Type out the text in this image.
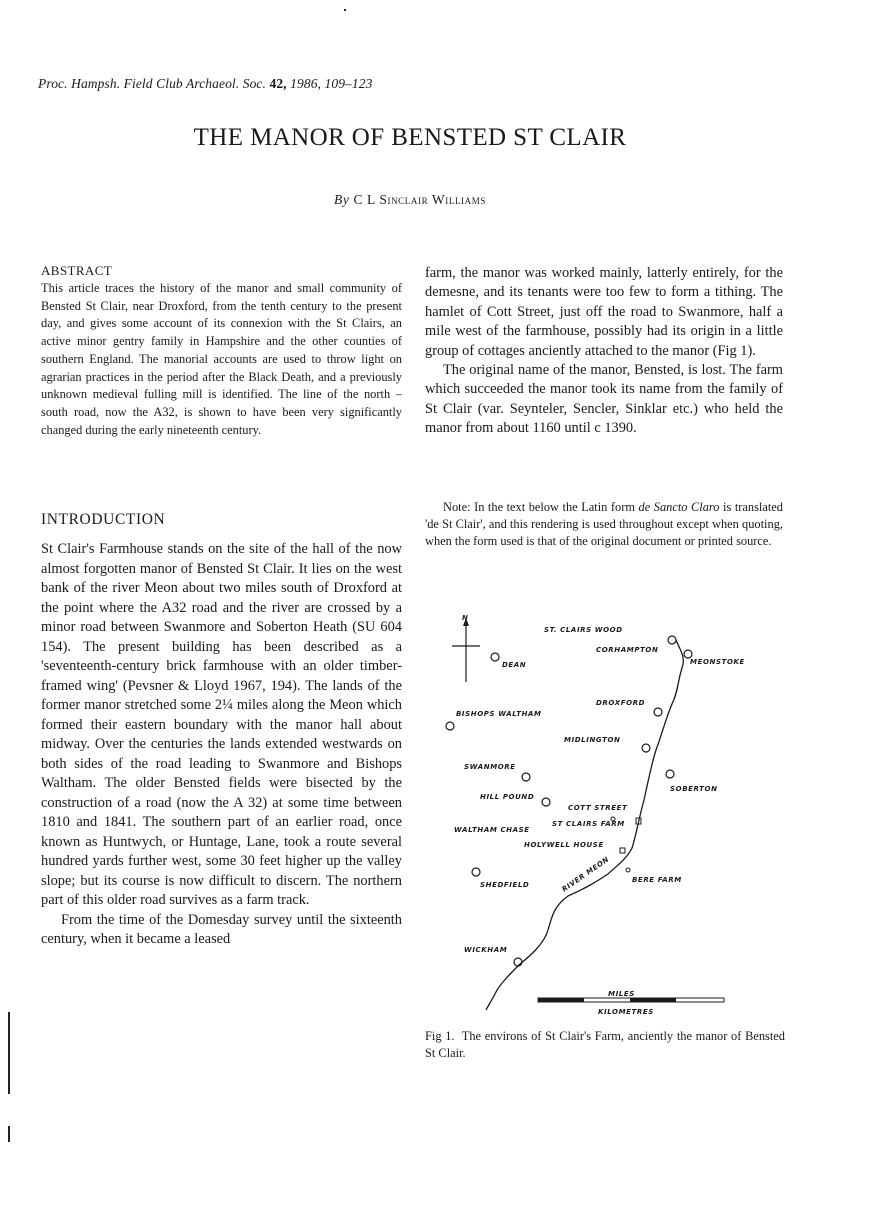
Proc. Hampsh. Field Club Archaeol. Soc. 42, 1986, 109–123
THE MANOR OF BENSTED ST CLAIR
By C L Sinclair Williams
ABSTRACT
This article traces the history of the manor and small community of Bensted St Clair, near Droxford, from the tenth century to the present day, and gives some account of its connexion with the St Clairs, an active minor gentry family in Hampshire and the other counties of southern England. The manorial accounts are used to throw light on agrarian practices in the period after the Black Death, and a previously unknown medieval fulling mill is identified. The line of the north – south road, now the A32, is shown to have been very significantly changed during the early nineteenth century.
INTRODUCTION

St Clair's Farmhouse stands on the site of the hall of the now almost forgotten manor of Bensted St Clair. It lies on the west bank of the river Meon about two miles south of Droxford at the point where the A32 road and the river are crossed by a minor road between Swanmore and Soberton Heath (SU 604 154). The present building has been described as a 'seventeenth-century brick farmhouse with an older timber-framed wing' (Pevsner & Lloyd 1967, 194). The lands of the former manor stretched some 2¼ miles along the Meon which formed their eastern boundary with the manor hall about midway. Over the centuries the lands extended westwards on both sides of the road leading to Swanmore and Bishops Waltham. The older Bensted fields were bisected by the construction of a road (now the A 32) at some time between 1810 and 1841. The southern part of an earlier road, once known as Huntwych, or Huntage, Lane, took a route several hundred yards further west, some 30 feet higher up the valley slope; but its course is now difficult to discern. The northern part of this older road survives as a farm track.

From the time of the Domesday survey until the sixteenth century, when it became a leased

farm, the manor was worked mainly, latterly entirely, for the demesne, and its tenants were too few to form a tithing. The hamlet of Cott Street, just off the road to Swanmore, half a mile west of the farmhouse, possibly had its origin in a little group of cottages anciently attached to the manor (Fig 1).

The original name of the manor, Bensted, is lost. The farm which succeeded the manor took its name from the family of St Clair (var. Seynteler, Sencler, Sinklar etc.) who held the manor from about 1160 until c 1390.

Note: In the text below the Latin form de Sancto Claro is translated 'de St Clair', and this rendering is used throughout except when quoting, when the form used is that of the original document or printed source.
N
ST. CLAIRS WOOD
CORHAMPTON
MEONSTOKE
DEAN
BISHOPS WALTHAM
DROXFORD
MIDLINGTON
SWANMORE
SOBERTON
HILL POUND
COTT STREET
ST CLAIRS FARM
WALTHAM CHASE
HOLYWELL HOUSE
RIVER MEON
SHEDFIELD
BERE FARM
WICKHAM
MILES
KILOMETRES
Fig 1. The environs of St Clair's Farm, anciently the manor of Bensted St Clair.
